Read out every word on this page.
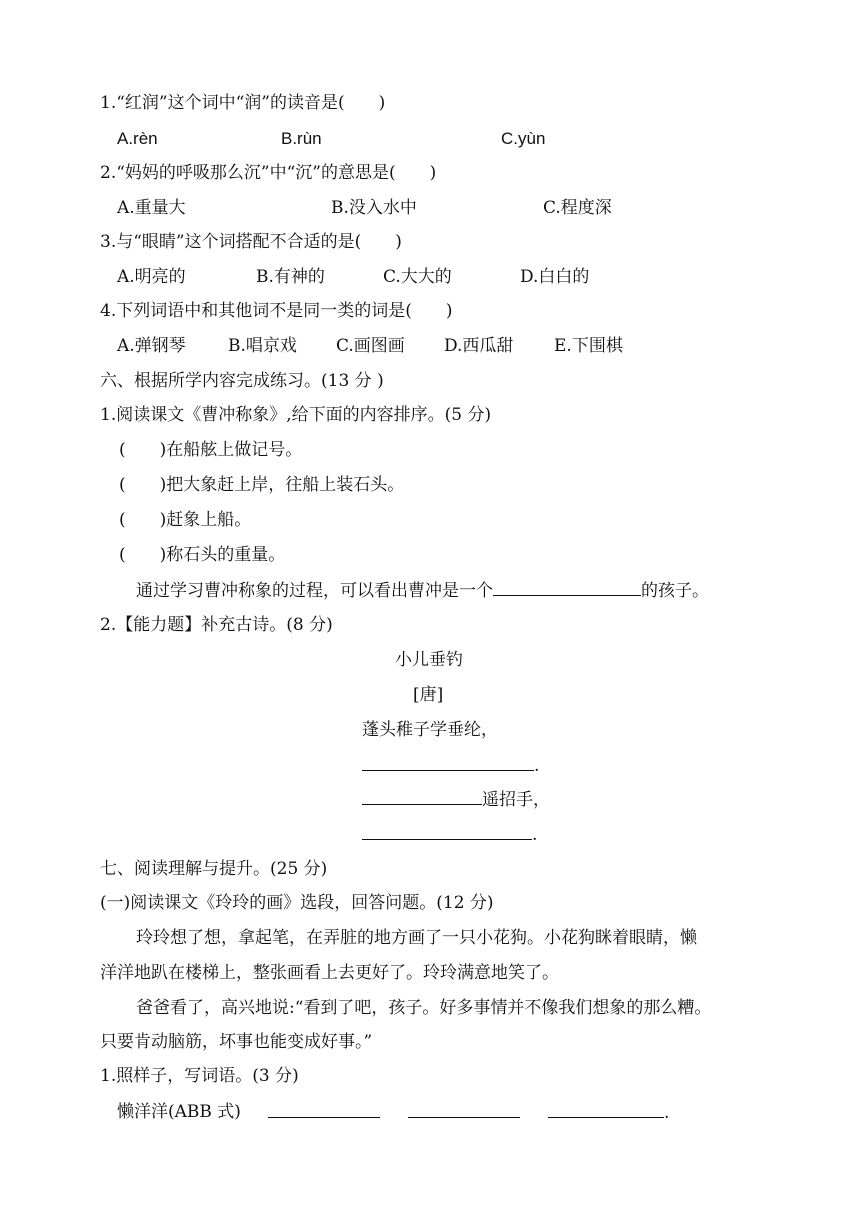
1.“红润”这个词中“润”的读音是(　　)
A.rèn	B.rùn	C.yùn
2.“妈妈的呼吸那么沉”中“沉”的意思是(　　)
A.重量大	B.没入水中	C.程度深
3.与“眼睛”这个词搭配不合适的是(　　)
A.明亮的	B.有神的	C.大大的	D.白白的
4.下列词语中和其他词不是同一类的词是(　　)
A.弹钢琴 B.唱京戏 C.画图画 D.西瓜甜 E.下围棋
六、根据所学内容完成练习。(13 分 )
1.阅读课文《曹冲称象》,给下面的内容排序。(5 分)
(　　)在船舷上做记号。
(　　)把大象赶上岸，往船上装石头。
(　　)赶象上船。
(　　)称石头的重量。
通过学习曹冲称象的过程，可以看出曹冲是一个	的孩子。
2.【能力题】补充古诗。(8 分)
小儿垂钓
[唐]
蓬头稚子学垂纶，
.
遥招手，
.
七、阅读理解与提升。(25 分)
(一)阅读课文《玲玲的画》选段，回答问题。(12 分)
玲玲想了想，拿起笔，在弄脏的地方画了一只小花狗。小花狗眯着眼睛，懒
洋洋地趴在楼梯上，整张画看上去更好了。玲玲满意地笑了。
爸爸看了，高兴地说:“看到了吧，孩子。好多事情并不像我们想象的那么糟。
只要肯动脑筋，坏事也能变成好事。”
1.照样子，写词语。(3 分)
懒洋洋(ABB 式)	.
